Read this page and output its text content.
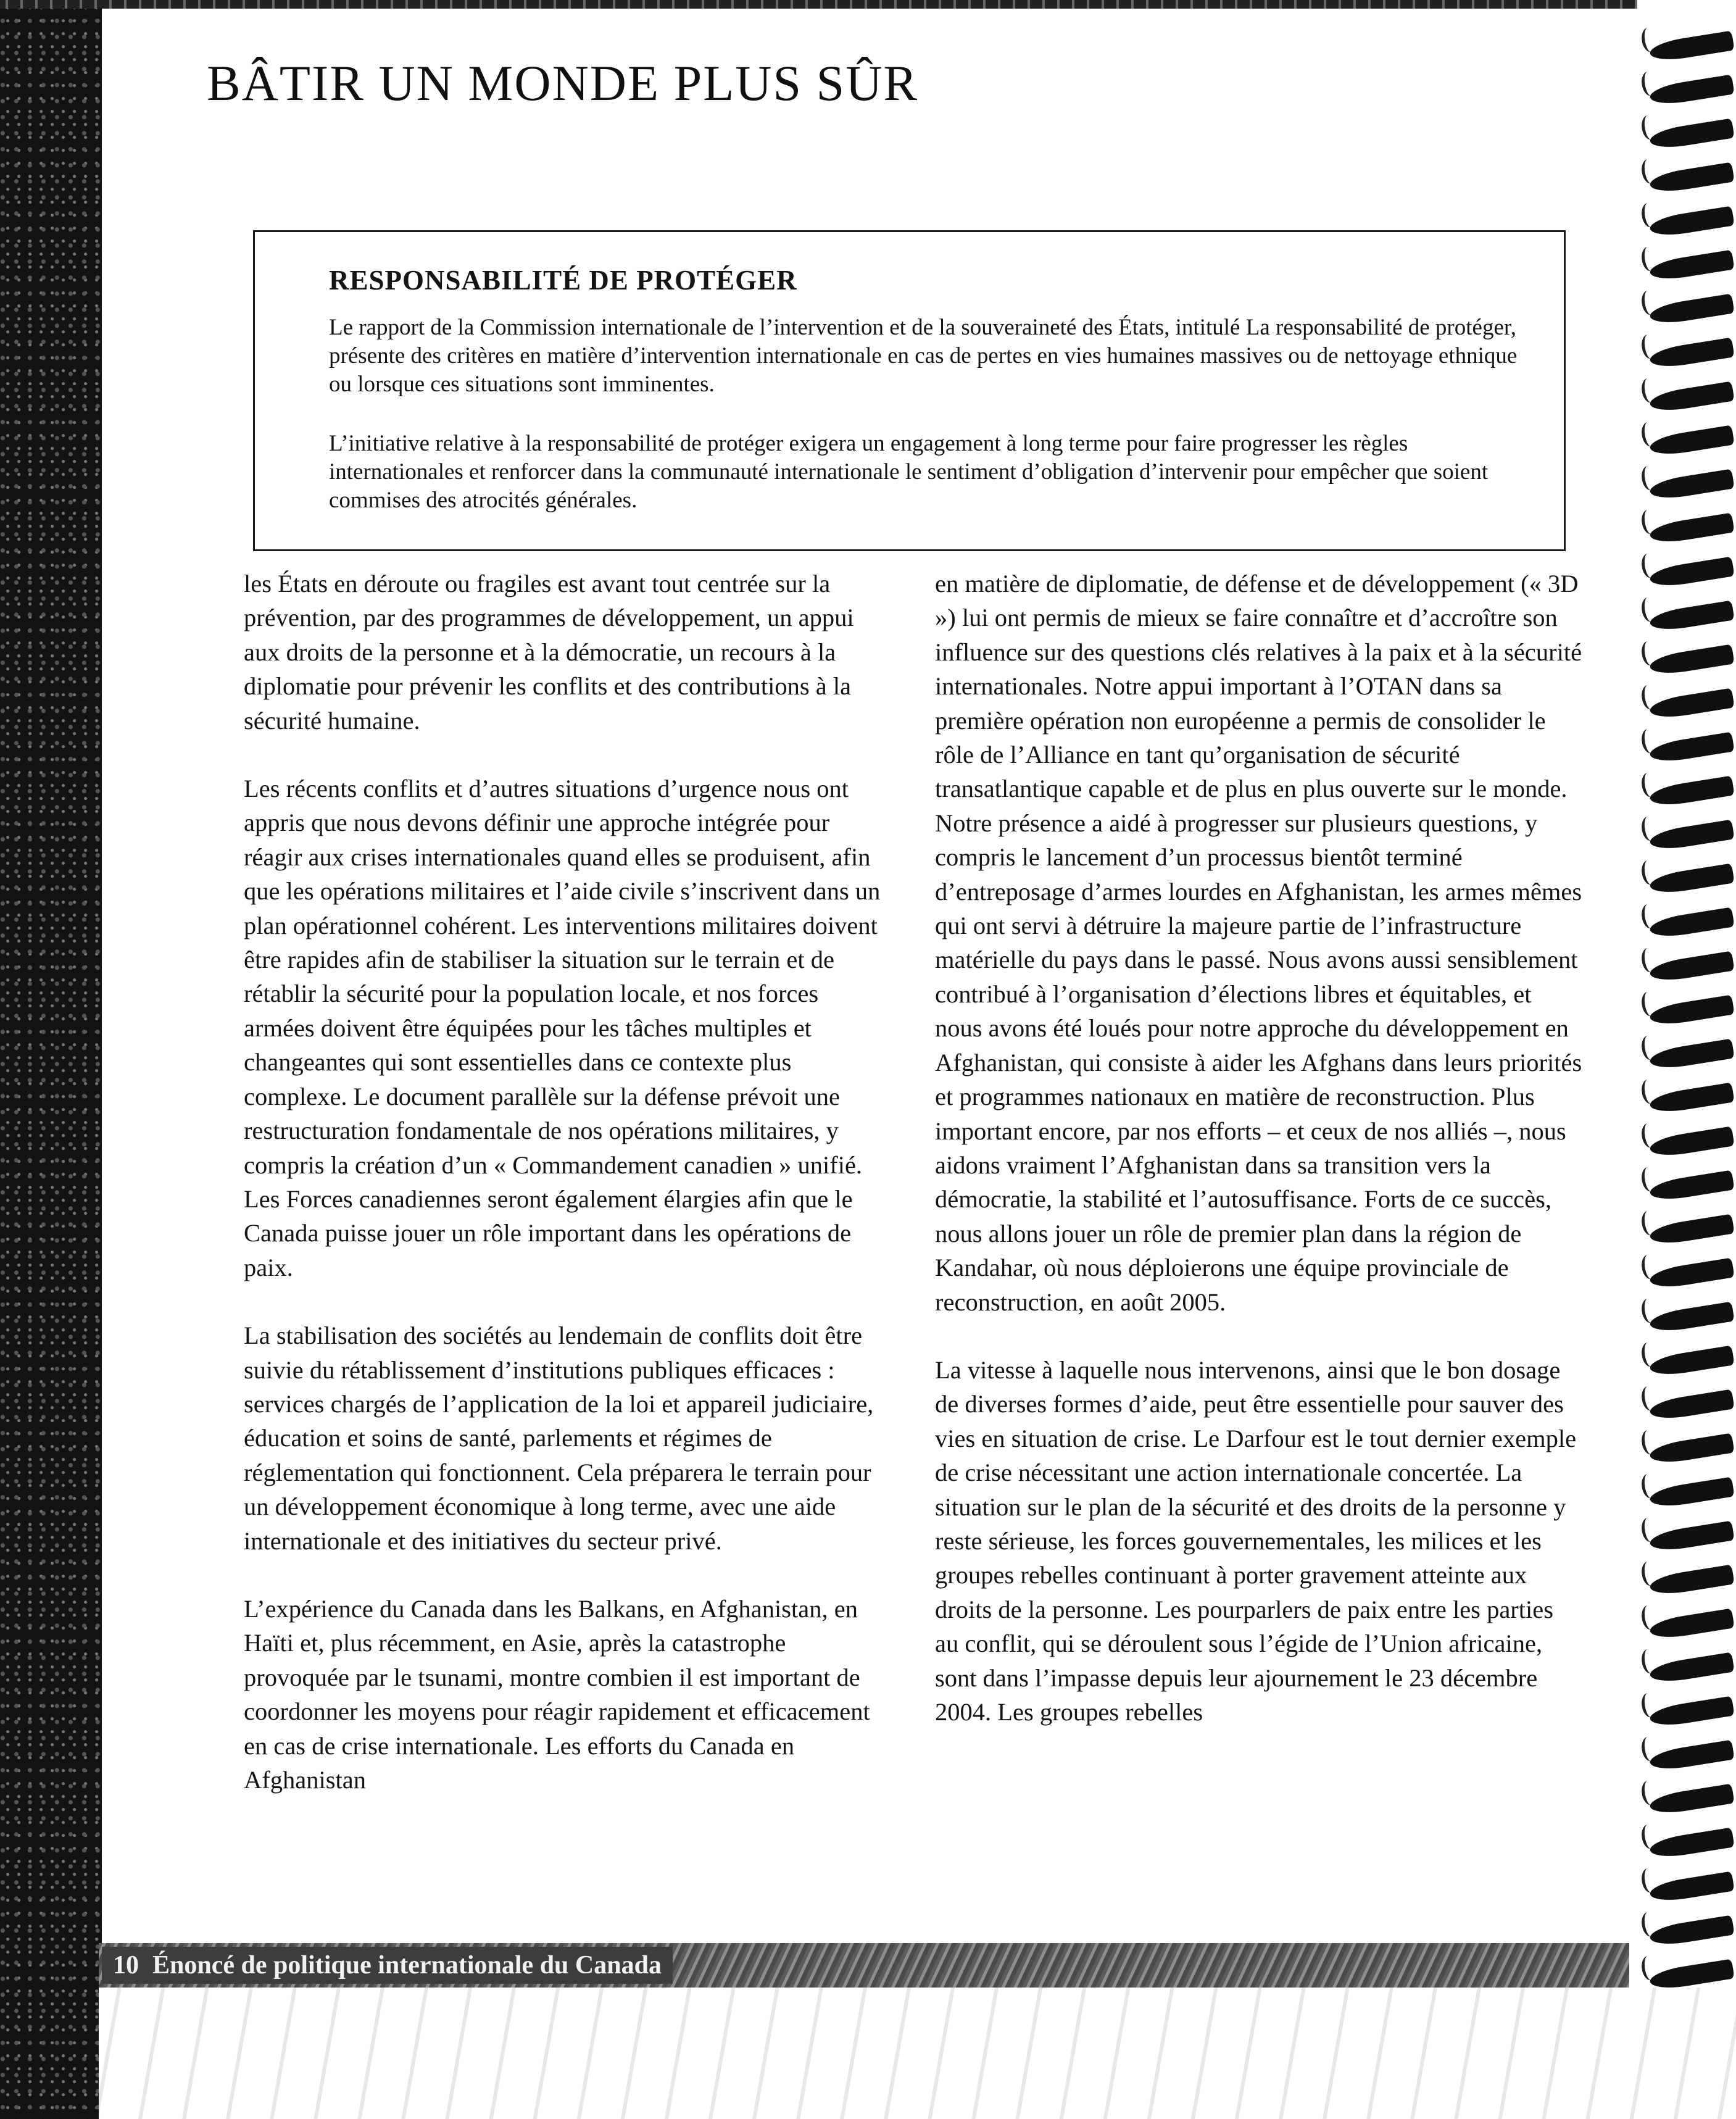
BÂTIR UN MONDE PLUS SÛR
RESPONSABILITÉ DE PROTÉGER

Le rapport de la Commission internationale de l’intervention et de la souveraineté des États, intitulé La responsabilité de protéger, présente des critères en matière d’intervention internationale en cas de pertes en vies humaines massives ou de nettoyage ethnique ou lorsque ces situations sont imminentes.

L’initiative relative à la responsabilité de protéger exigera un engagement à long terme pour faire progresser les règles internationales et renforcer dans la communauté internationale le sentiment d’obligation d’intervenir pour empêcher que soient commises des atrocités générales.

les États en déroute ou fragiles est avant tout centrée sur la prévention, par des programmes de développement, un appui aux droits de la personne et à la démocratie, un recours à la diplomatie pour prévenir les conflits et des contributions à la sécurité humaine.

Les récents conflits et d’autres situations d’urgence nous ont appris que nous devons définir une approche intégrée pour réagir aux crises internationales quand elles se produisent, afin que les opérations militaires et l’aide civile s’inscrivent dans un plan opérationnel cohérent. Les interventions militaires doivent être rapides afin de stabiliser la situation sur le terrain et de rétablir la sécurité pour la population locale, et nos forces armées doivent être équipées pour les tâches multiples et changeantes qui sont essentielles dans ce contexte plus complexe. Le document parallèle sur la défense prévoit une restructuration fondamentale de nos opérations militaires, y compris la création d’un « Commandement canadien » unifié. Les Forces canadiennes seront également élargies afin que le Canada puisse jouer un rôle important dans les opérations de paix.

La stabilisation des sociétés au lendemain de conflits doit être suivie du rétablissement d’institutions publiques efficaces : services chargés de l’application de la loi et appareil judiciaire, éducation et soins de santé, parlements et régimes de réglementation qui fonctionnent. Cela préparera le terrain pour un développement économique à long terme, avec une aide internationale et des initiatives du secteur privé.

L’expérience du Canada dans les Balkans, en Afghanistan, en Haïti et, plus récemment, en Asie, après la catastrophe provoquée par le tsunami, montre combien il est important de coordonner les moyens pour réagir rapidement et efficacement en cas de crise internationale. Les efforts du Canada en Afghanistan

en matière de diplomatie, de défense et de développement (« 3D ») lui ont permis de mieux se faire connaître et d’accroître son influence sur des questions clés relatives à la paix et à la sécurité internationales. Notre appui important à l’OTAN dans sa première opération non européenne a permis de consolider le rôle de l’Alliance en tant qu’organisation de sécurité transatlantique capable et de plus en plus ouverte sur le monde. Notre présence a aidé à progresser sur plusieurs questions, y compris le lancement d’un processus bientôt terminé d’entreposage d’armes lourdes en Afghanistan, les armes mêmes qui ont servi à détruire la majeure partie de l’infrastructure matérielle du pays dans le passé. Nous avons aussi sensiblement contribué à l’organisation d’élections libres et équitables, et nous avons été loués pour notre approche du développement en Afghanistan, qui consiste à aider les Afghans dans leurs priorités et programmes nationaux en matière de reconstruction. Plus important encore, par nos efforts – et ceux de nos alliés –, nous aidons vraiment l’Afghanistan dans sa transition vers la démocratie, la stabilité et l’autosuffisance. Forts de ce succès, nous allons jouer un rôle de premier plan dans la région de Kandahar, où nous déploierons une équipe provinciale de reconstruction, en août 2005.

La vitesse à laquelle nous intervenons, ainsi que le bon dosage de diverses formes d’aide, peut être essentielle pour sauver des vies en situation de crise. Le Darfour est le tout dernier exemple de crise nécessitant une action internationale concertée. La situation sur le plan de la sécurité et des droits de la personne y reste sérieuse, les forces gouvernementales, les milices et les groupes rebelles continuant à porter gravement atteinte aux droits de la personne. Les pourparlers de paix entre les parties au conflit, qui se déroulent sous l’égide de l’Union africaine, sont dans l’impasse depuis leur ajournement le 23 décembre 2004. Les groupes rebelles

10 Énoncé de politique internationale du Canada
